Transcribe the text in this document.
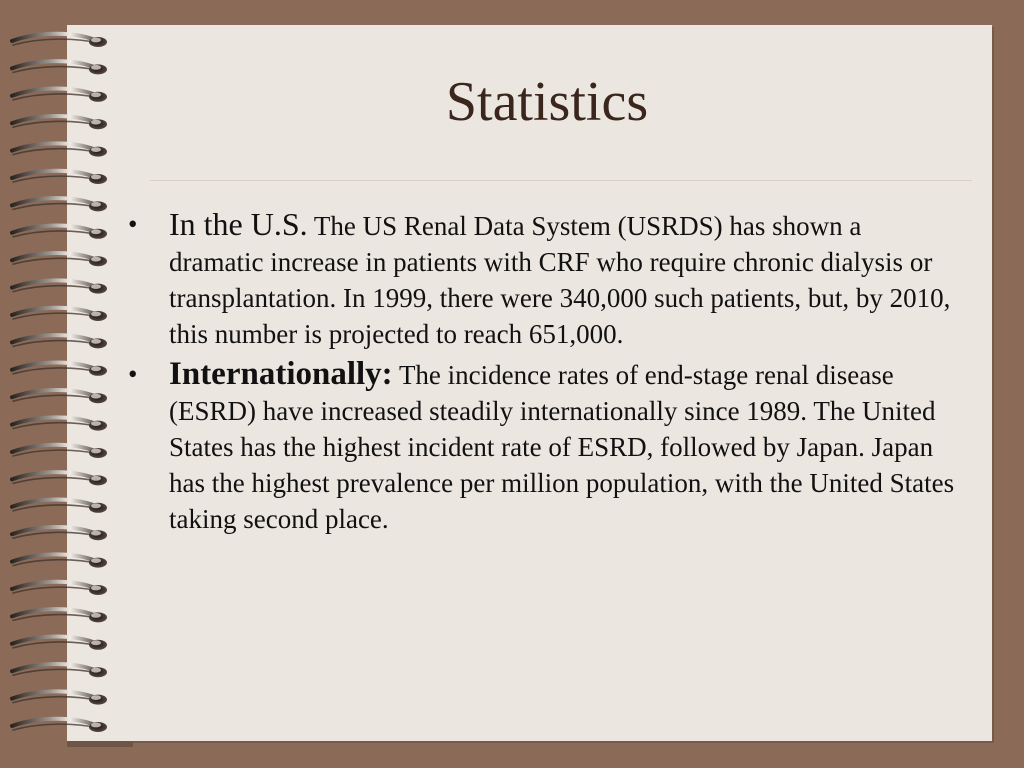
Statistics
• In the U.S. The US Renal Data System (USRDS) has shown a dramatic increase in patients with CRF who require chronic dialysis or transplantation. In 1999, there were 340,000 such patients, but, by 2010, this number is projected to reach 651,000.
• Internationally: The incidence rates of end-stage renal disease (ESRD) have increased steadily internationally since 1989. The United States has the highest incident rate of ESRD, followed by Japan. Japan has the highest prevalence per million population, with the United States taking second place.
